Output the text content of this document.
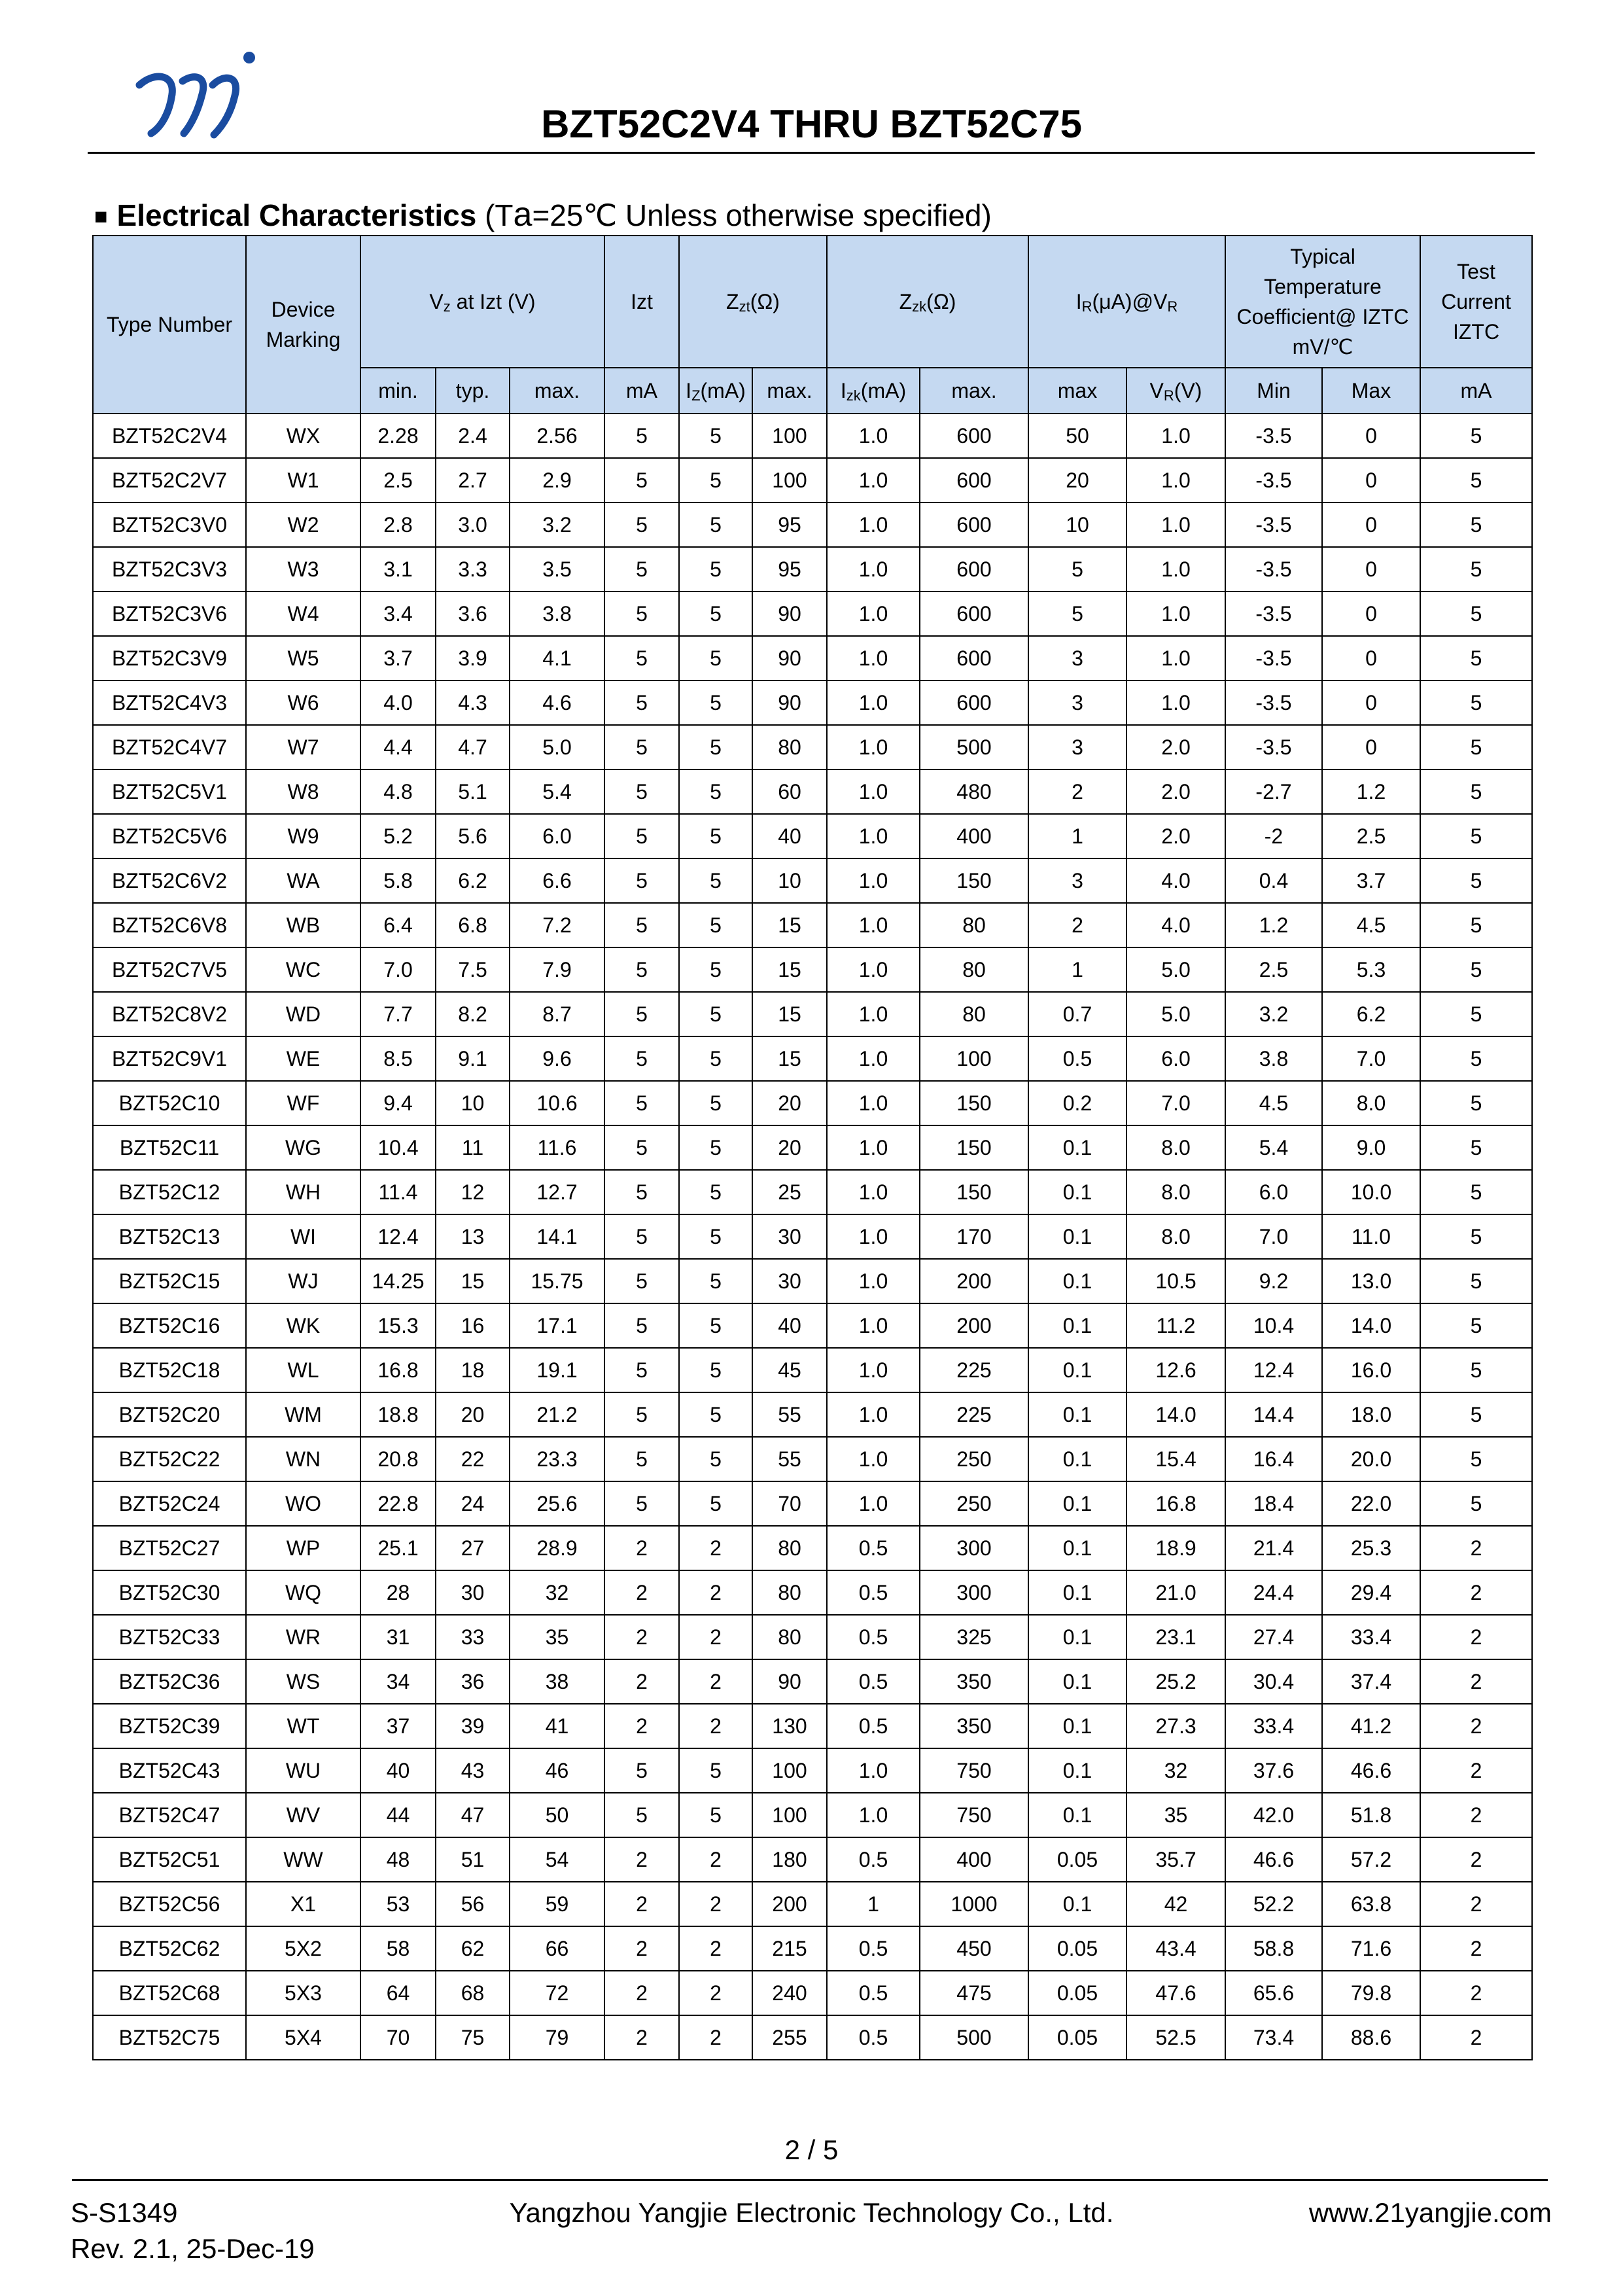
BZT52C2V4 THRU BZT52C75
■ Electrical Characteristics (Ta=25℃ Unless otherwise specified)
Type Number	Device Marking	$V_z$ at Izt (V)			Izt	$Z_{zt}(\Omega)$		$Z_{zk}(\Omega)$		$I_R(\mu A)@V_R$		Typical Temperature Coefficient@ IZTC mV/℃		Test Current IZTC
		min.	typ.	max.	mA	$I_Z(mA)$	max.	$I_{zk}(mA)$	max.	max	$V_R(V)$	Min	Max	mA
BZT52C2V4	WX	2.28	2.4	2.56	5	5	100	1.0	600	50	1.0	-3.5	0	5
BZT52C2V7	W1	2.5	2.7	2.9	5	5	100	1.0	600	20	1.0	-3.5	0	5
BZT52C3V0	W2	2.8	3.0	3.2	5	5	95	1.0	600	10	1.0	-3.5	0	5
BZT52C3V3	W3	3.1	3.3	3.5	5	5	95	1.0	600	5	1.0	-3.5	0	5
BZT52C3V6	W4	3.4	3.6	3.8	5	5	90	1.0	600	5	1.0	-3.5	0	5
BZT52C3V9	W5	3.7	3.9	4.1	5	5	90	1.0	600	3	1.0	-3.5	0	5
BZT52C4V3	W6	4.0	4.3	4.6	5	5	90	1.0	600	3	1.0	-3.5	0	5
BZT52C4V7	W7	4.4	4.7	5.0	5	5	80	1.0	500	3	2.0	-3.5	0	5
BZT52C5V1	W8	4.8	5.1	5.4	5	5	60	1.0	480	2	2.0	-2.7	1.2	5
BZT52C5V6	W9	5.2	5.6	6.0	5	5	40	1.0	400	1	2.0	-2	2.5	5
BZT52C6V2	WA	5.8	6.2	6.6	5	5	10	1.0	150	3	4.0	0.4	3.7	5
BZT52C6V8	WB	6.4	6.8	7.2	5	5	15	1.0	80	2	4.0	1.2	4.5	5
BZT52C7V5	WC	7.0	7.5	7.9	5	5	15	1.0	80	1	5.0	2.5	5.3	5
BZT52C8V2	WD	7.7	8.2	8.7	5	5	15	1.0	80	0.7	5.0	3.2	6.2	5
BZT52C9V1	WE	8.5	9.1	9.6	5	5	15	1.0	100	0.5	6.0	3.8	7.0	5
BZT52C10	WF	9.4	10	10.6	5	5	20	1.0	150	0.2	7.0	4.5	8.0	5
BZT52C11	WG	10.4	11	11.6	5	5	20	1.0	150	0.1	8.0	5.4	9.0	5
BZT52C12	WH	11.4	12	12.7	5	5	25	1.0	150	0.1	8.0	6.0	10.0	5
BZT52C13	WI	12.4	13	14.1	5	5	30	1.0	170	0.1	8.0	7.0	11.0	5
BZT52C15	WJ	14.25	15	15.75	5	5	30	1.0	200	0.1	10.5	9.2	13.0	5
BZT52C16	WK	15.3	16	17.1	5	5	40	1.0	200	0.1	11.2	10.4	14.0	5
BZT52C18	WL	16.8	18	19.1	5	5	45	1.0	225	0.1	12.6	12.4	16.0	5
BZT52C20	WM	18.8	20	21.2	5	5	55	1.0	225	0.1	14.0	14.4	18.0	5
BZT52C22	WN	20.8	22	23.3	5	5	55	1.0	250	0.1	15.4	16.4	20.0	5
BZT52C24	WO	22.8	24	25.6	5	5	70	1.0	250	0.1	16.8	18.4	22.0	5
BZT52C27	WP	25.1	27	28.9	2	2	80	0.5	300	0.1	18.9	21.4	25.3	2
BZT52C30	WQ	28	30	32	2	2	80	0.5	300	0.1	21.0	24.4	29.4	2
BZT52C33	WR	31	33	35	2	2	80	0.5	325	0.1	23.1	27.4	33.4	2
BZT52C36	WS	34	36	38	2	2	90	0.5	350	0.1	25.2	30.4	37.4	2
BZT52C39	WT	37	39	41	2	2	130	0.5	350	0.1	27.3	33.4	41.2	2
BZT52C43	WU	40	43	46	5	5	100	1.0	750	0.1	32	37.6	46.6	2
BZT52C47	WV	44	47	50	5	5	100	1.0	750	0.1	35	42.0	51.8	2
BZT52C51	WW	48	51	54	2	2	180	0.5	400	0.05	35.7	46.6	57.2	2
BZT52C56	X1	53	56	59	2	2	200	1	1000	0.1	42	52.2	63.8	2
BZT52C62	5X2	58	62	66	2	2	215	0.5	450	0.05	43.4	58.8	71.6	2
BZT52C68	5X3	64	68	72	2	2	240	0.5	475	0.05	47.6	65.6	79.8	2
BZT52C75	5X4	70	75	79	2	2	255	0.5	500	0.05	52.5	73.4	88.6	2
2 / 5
S-S1349
Rev. 2.1, 25-Dec-19
Yangzhou Yangjie Electronic Technology Co., Ltd.	www.21yangjie.com
